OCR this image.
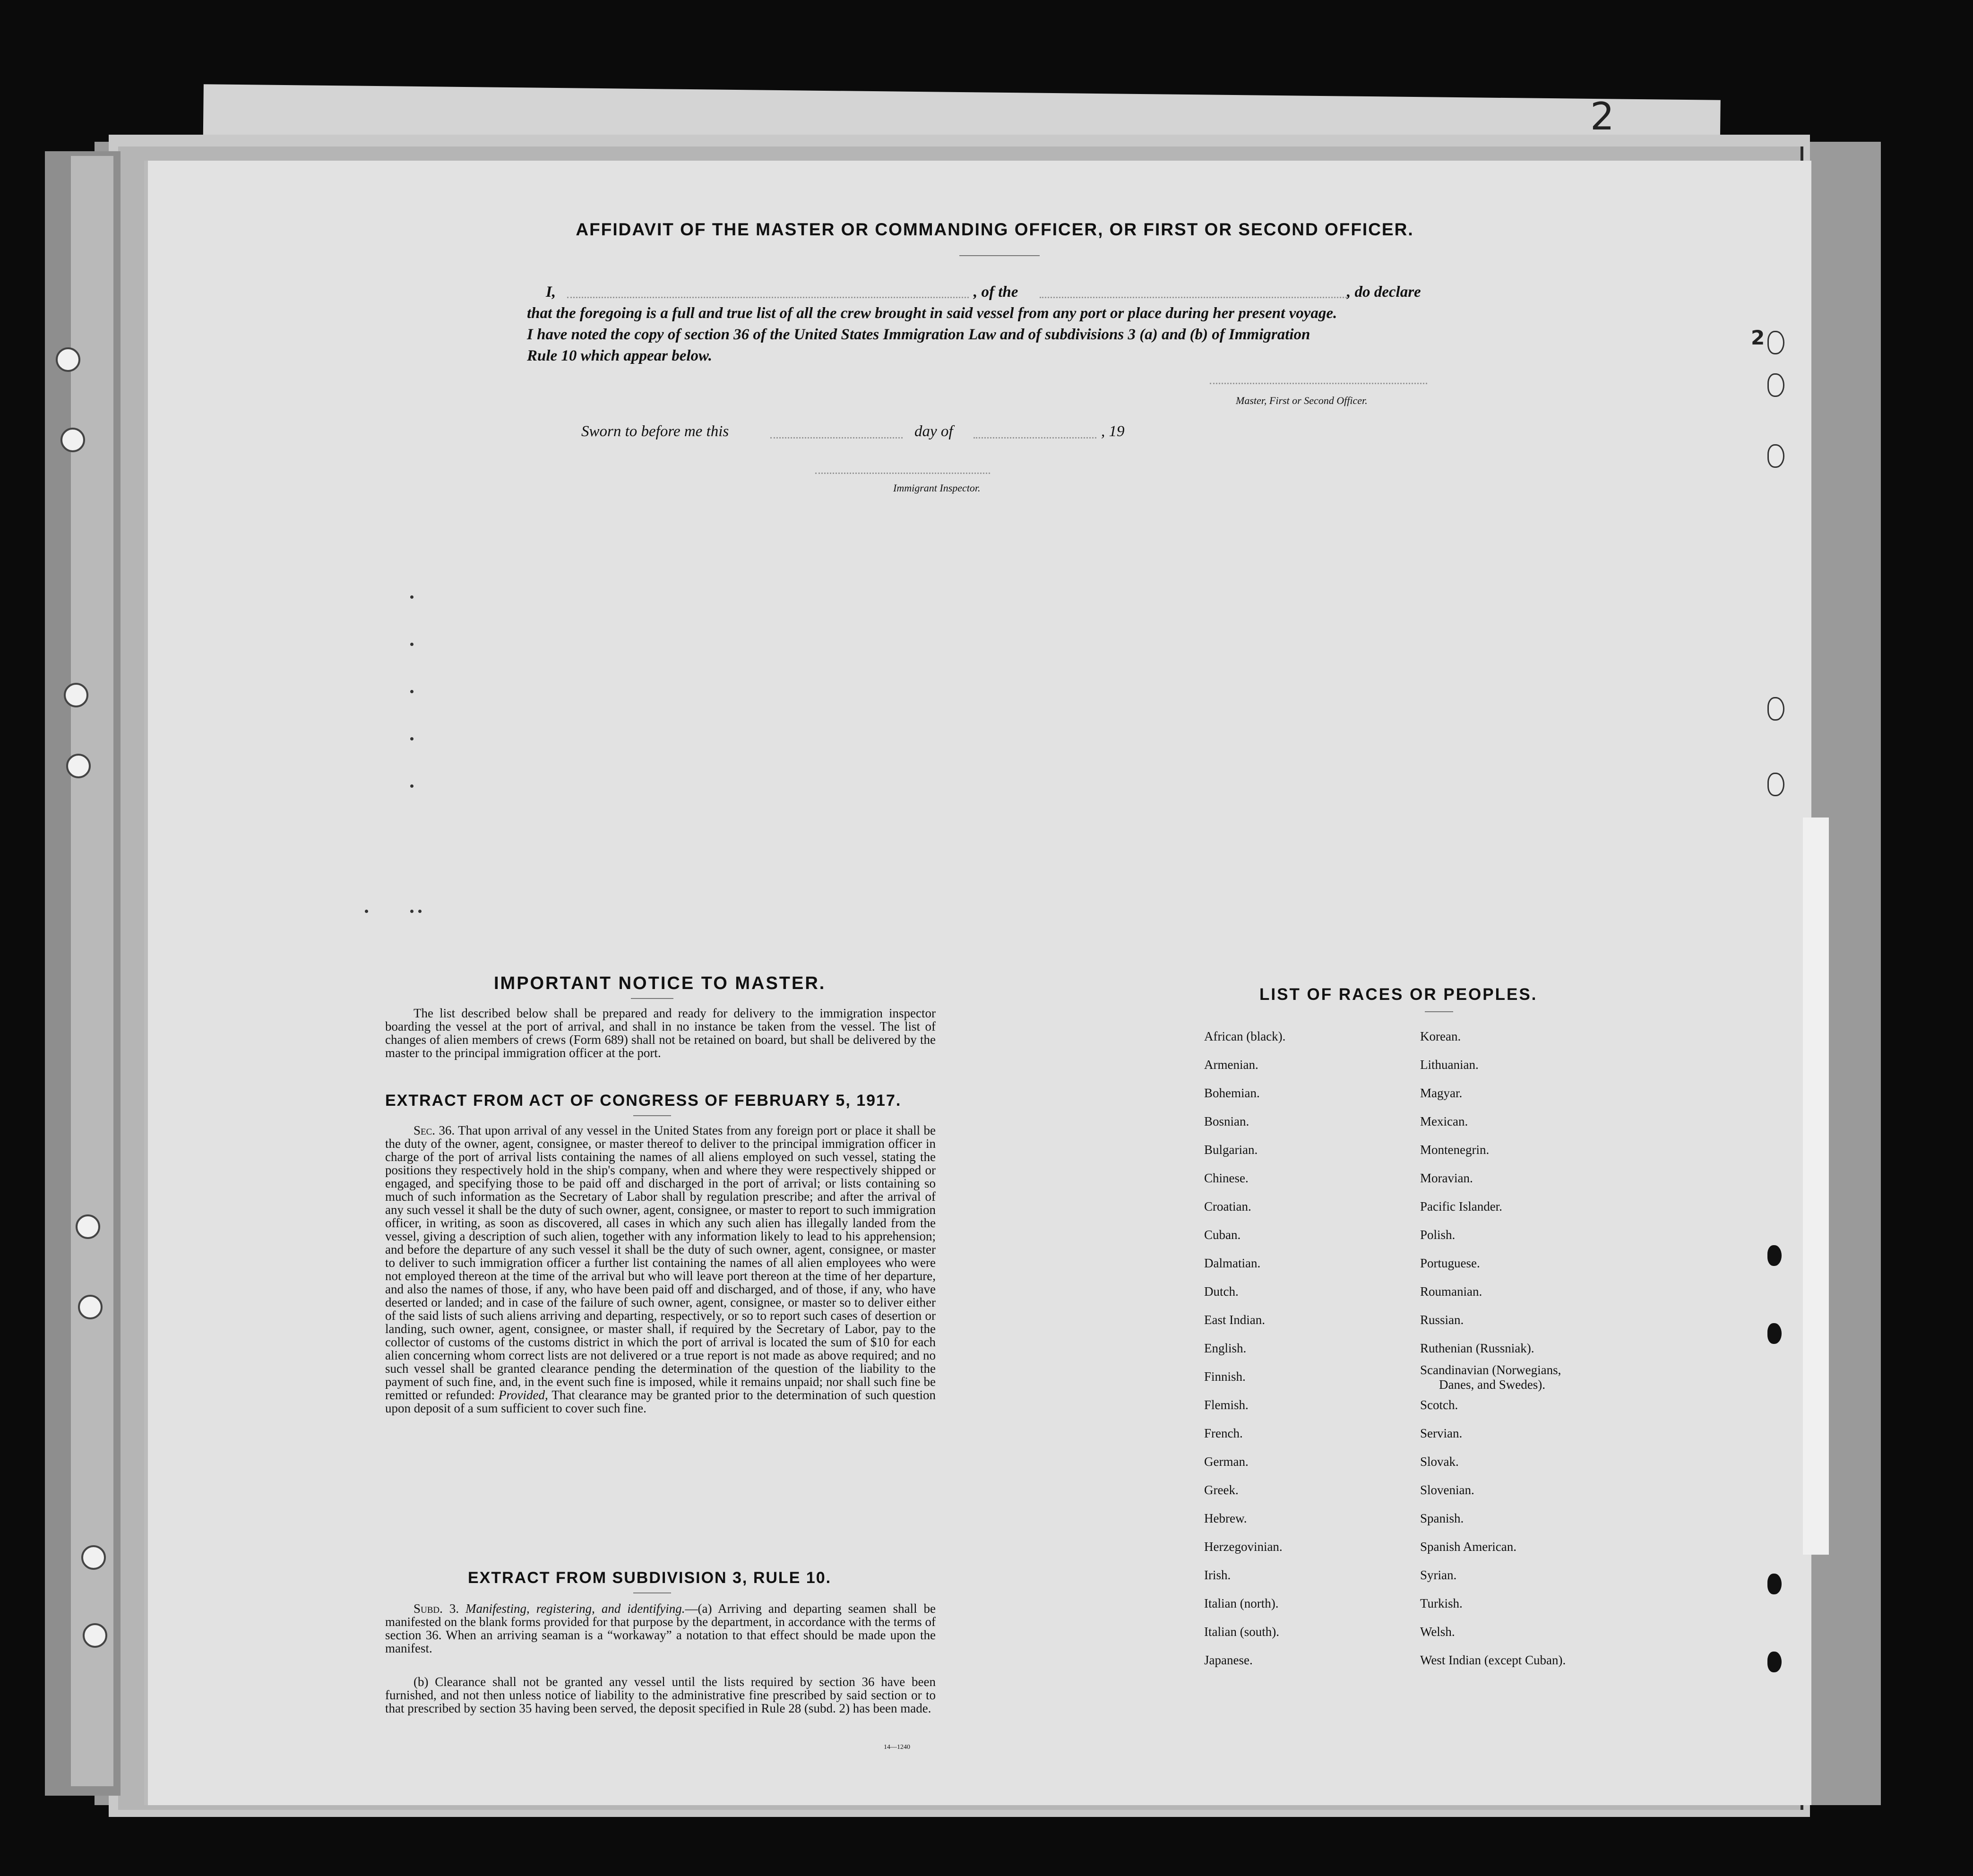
2
2
AFFIDAVIT OF THE MASTER OR COMMANDING OFFICER, OR FIRST OR SECOND OFFICER.
I,	, of the	, do declare
that the foregoing is a full and true list of all the crew brought in said vessel from any port or place during her present voyage.
I have noted the copy of section 36 of the United States Immigration Law and of subdivisions 3 (a) and (b) of Immigration
Rule 10 which appear below.
Master, First or Second Officer.
Sworn to before me this	day of	, 19
Immigrant Inspector.
IMPORTANT NOTICE TO MASTER.
The list described below shall be prepared and ready for delivery to the immigration inspector boarding the vessel at the port of arrival, and shall in no instance be taken from the vessel. The list of changes of alien members of crews (Form 689) shall not be retained on board, but shall be delivered by the master to the principal immigration officer at the port.
EXTRACT FROM ACT OF CONGRESS OF FEBRUARY 5, 1917.
Sec. 36. That upon arrival of any vessel in the United States from any foreign port or place it shall be the duty of the owner, agent, consignee, or master thereof to deliver to the principal immigration officer in charge of the port of arrival lists containing the names of all aliens employed on such vessel, stating the positions they respectively hold in the ship's company, when and where they were respectively shipped or engaged, and specifying those to be paid off and discharged in the port of arrival; or lists containing so much of such information as the Secretary of Labor shall by regulation prescribe; and after the arrival of any such vessel it shall be the duty of such owner, agent, consignee, or master to report to such immigration officer, in writing, as soon as discovered, all cases in which any such alien has illegally landed from the vessel, giving a description of such alien, together with any information likely to lead to his apprehension; and before the departure of any such vessel it shall be the duty of such owner, agent, consignee, or master to deliver to such immigration officer a further list containing the names of all alien employees who were not employed thereon at the time of the arrival but who will leave port thereon at the time of her departure, and also the names of those, if any, who have been paid off and discharged, and of those, if any, who have deserted or landed; and in case of the failure of such owner, agent, consignee, or master so to deliver either of the said lists of such aliens arriving and departing, respectively, or so to report such cases of desertion or landing, such owner, agent, consignee, or master shall, if required by the Secretary of Labor, pay to the collector of customs of the customs district in which the port of arrival is located the sum of $10 for each alien concerning whom correct lists are not delivered or a true report is not made as above required; and no such vessel shall be granted clearance pending the determination of the question of the liability to the payment of such fine, and, in the event such fine is imposed, while it remains unpaid; nor shall such fine be remitted or refunded: Provided, That clearance may be granted prior to the determination of such question upon deposit of a sum sufficient to cover such fine.
EXTRACT FROM SUBDIVISION 3, RULE 10.
Subd. 3. Manifesting, registering, and identifying.—(a) Arriving and departing seamen shall be manifested on the blank forms provided for that purpose by the department, in accordance with the terms of section 36. When an arriving seaman is a “workaway” a notation to that effect should be made upon the manifest.
(b) Clearance shall not be granted any vessel until the lists required by section 36 have been furnished, and not then unless notice of liability to the administrative fine prescribed by said section or to that prescribed by section 35 having been served, the deposit specified in Rule 28 (subd. 2) has been made.
14—1240
LIST OF RACES OR PEOPLES.
African (black).
Armenian.
Bohemian.
Bosnian.
Bulgarian.
Chinese.
Croatian.
Cuban.
Dalmatian.
Dutch.
East Indian.
English.
Finnish.
Flemish.
French.
German.
Greek.
Hebrew.
Herzegovinian.
Irish.
Italian (north).
Italian (south).
Japanese.
Korean.
Lithuanian.
Magyar.
Mexican.
Montenegrin.
Moravian.
Pacific Islander.
Polish.
Portuguese.
Roumanian.
Russian.
Ruthenian (Russniak).
Scandinavian (Norwegians,
Scotch.
Servian.
Slovak.
Slovenian.
Spanish.
Spanish American.
Syrian.
Turkish.
Welsh.
West Indian (except Cuban).
Danes, and Swedes).
